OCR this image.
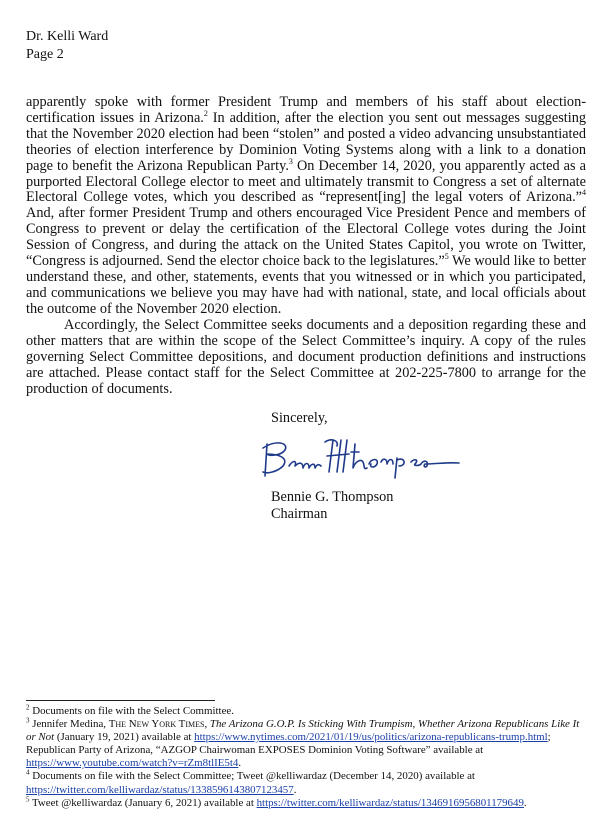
Dr. Kelli Ward
Page 2
apparently spoke with former President Trump and members of his staff about election-certification issues in Arizona.$^2$ In addition, after the election you sent out messages suggesting that the November 2020 election had been “stolen” and posted a video advancing unsubstantiated theories of election interference by Dominion Voting Systems along with a link to a donation page to benefit the Arizona Republican Party.$^3$ On December 14, 2020, you apparently acted as a purported Electoral College elector to meet and ultimately transmit to Congress a set of alternate Electoral College votes, which you described as “represent[ing] the legal voters of Arizona.”$^4$ And, after former President Trump and others encouraged Vice President Pence and members of Congress to prevent or delay the certification of the Electoral College votes during the Joint Session of Congress, and during the attack on the United States Capitol, you wrote on Twitter, “Congress is adjourned. Send the elector choice back to the legislatures.”$^5$ We would like to better understand these, and other, statements, events that you witnessed or in which you participated, and communications we believe you may have had with national, state, and local officials about the outcome of the November 2020 election.
Accordingly, the Select Committee seeks documents and a deposition regarding these and other matters that are within the scope of the Select Committee’s inquiry. A copy of the rules governing Select Committee depositions, and document production definitions and instructions are attached. Please contact staff for the Select Committee at 202-225-7800 to arrange for the production of documents.
Sincerely,
Bennie G. Thompson
Chairman

$^2$ Documents on file with the Select Committee.

$^3$ Jennifer Medina, The New York Times, The Arizona G.O.P. Is Sticking With Trumpism, Whether Arizona Republicans Like It or Not (January 19, 2021) available at https://www.nytimes.com/2021/01/19/us/politics/arizona-republicans-trump.html; Republican Party of Arizona, “AZGOP Chairwoman EXPOSES Dominion Voting Software” available at https://www.youtube.com/watch?v=rZm8tlIE5t4.

$^4$ Documents on file with the Select Committee; Tweet @kelliwardaz (December 14, 2020) available at https://twitter.com/kelliwardaz/status/1338596143807123457.

$^5$ Tweet @kelliwardaz (January 6, 2021) available at https://twitter.com/kelliwardaz/status/1346916956801179649.
